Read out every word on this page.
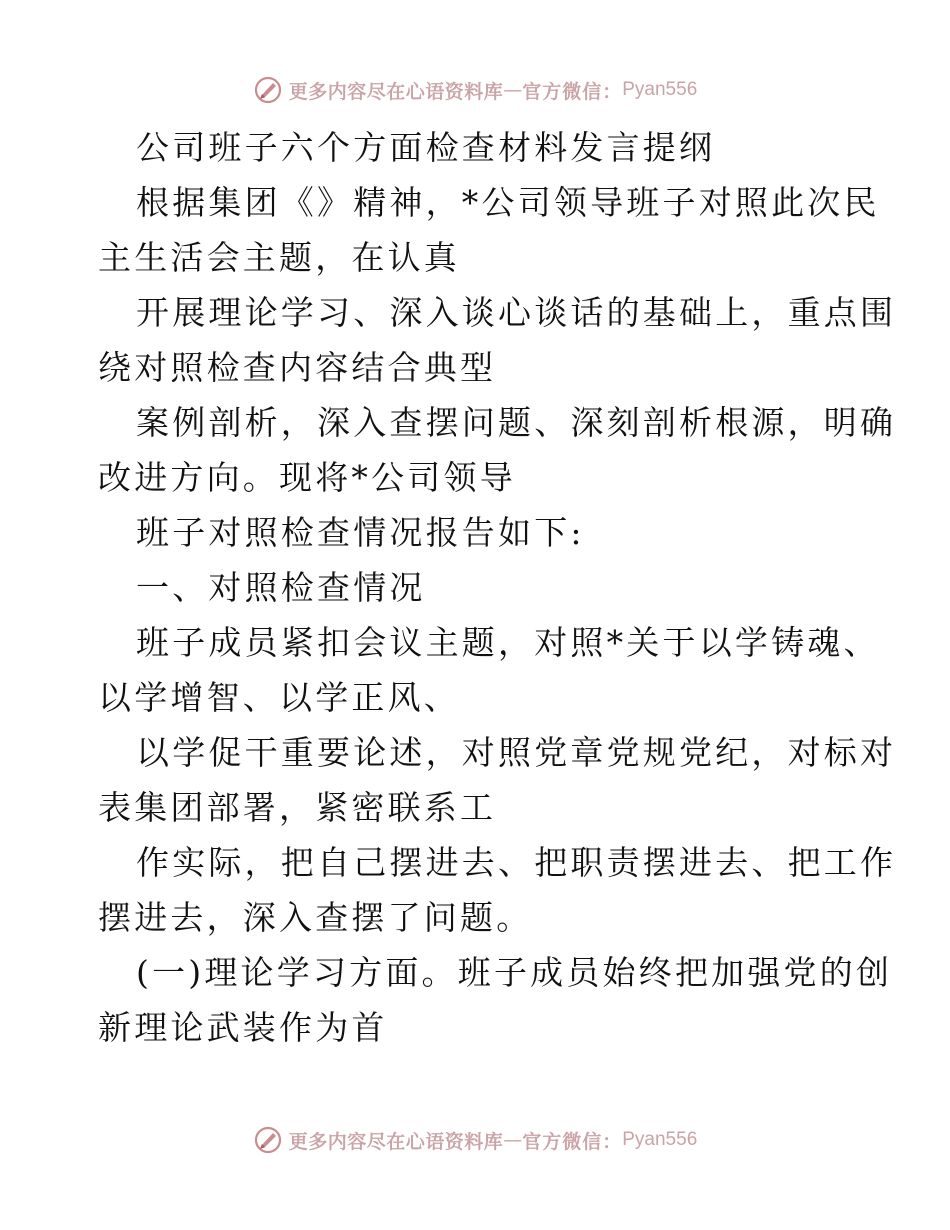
更多内容尽在心语资料库 — 官方微信： Pyan556
公司班子六个方面检查材料发言提纲
根据集团《》精神，*公司领导班子对照此次民
主生活会主题，在认真
开展理论学习、深入谈心谈话的基础上，重点围
绕对照检查内容结合典型
案例剖析，深入查摆问题、深刻剖析根源，明确
改进方向。现将*公司领导
班子对照检查情况报告如下:
一、对照检查情况
班子成员紧扣会议主题，对照*关于以学铸魂、
以学增智、以学正风、
以学促干重要论述，对照党章党规党纪，对标对
表集团部署，紧密联系工
作实际，把自己摆进去、把职责摆进去、把工作
摆进去，深入查摆了问题。
(一)理论学习方面。班子成员始终把加强党的创
新理论武装作为首
更多内容尽在心语资料库 — 官方微信： Pyan556
